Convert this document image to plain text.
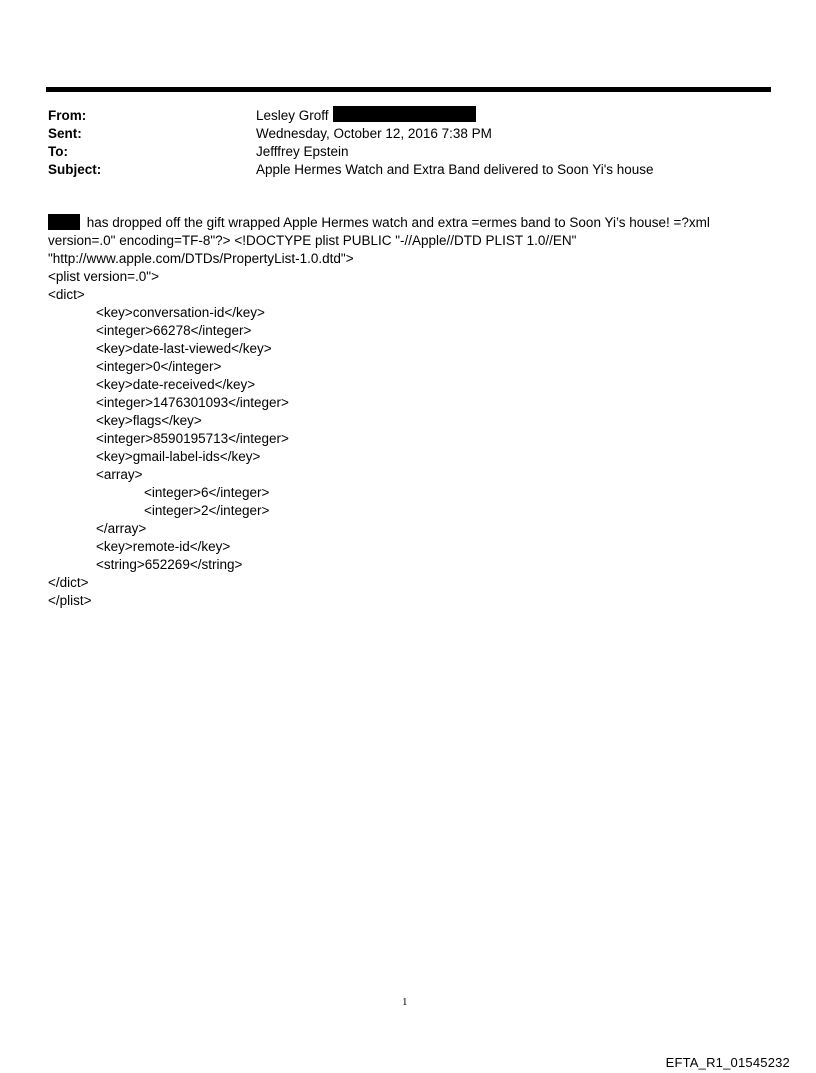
From:	Lesley Groff
Sent:	Wednesday, October 12, 2016 7:38 PM
To:	Jefffrey Epstein
Subject:	Apple Hermes Watch and Extra Band delivered to Soon Yi's house
has dropped off the gift wrapped Apple Hermes watch and extra =ermes band to Soon Yi’s house! =?xml
version=.0" encoding=TF-8"?> <!DOCTYPE plist PUBLIC "-//Apple//DTD PLIST 1.0//EN"
"http://www.apple.com/DTDs/PropertyList-1.0.dtd">
<plist version=.0">
<dict>
<key>conversation-id</key>
<integer>66278</integer>
<key>date-last-viewed</key>
<integer>0</integer>
<key>date-received</key>
<integer>1476301093</integer>
<key>flags</key>
<integer>8590195713</integer>
<key>gmail-label-ids</key>
<array>
<integer>6</integer>
<integer>2</integer>
</array>
<key>remote-id</key>
<string>652269</string>
</dict>
</plist>
1
EFTA_R1_01545232
